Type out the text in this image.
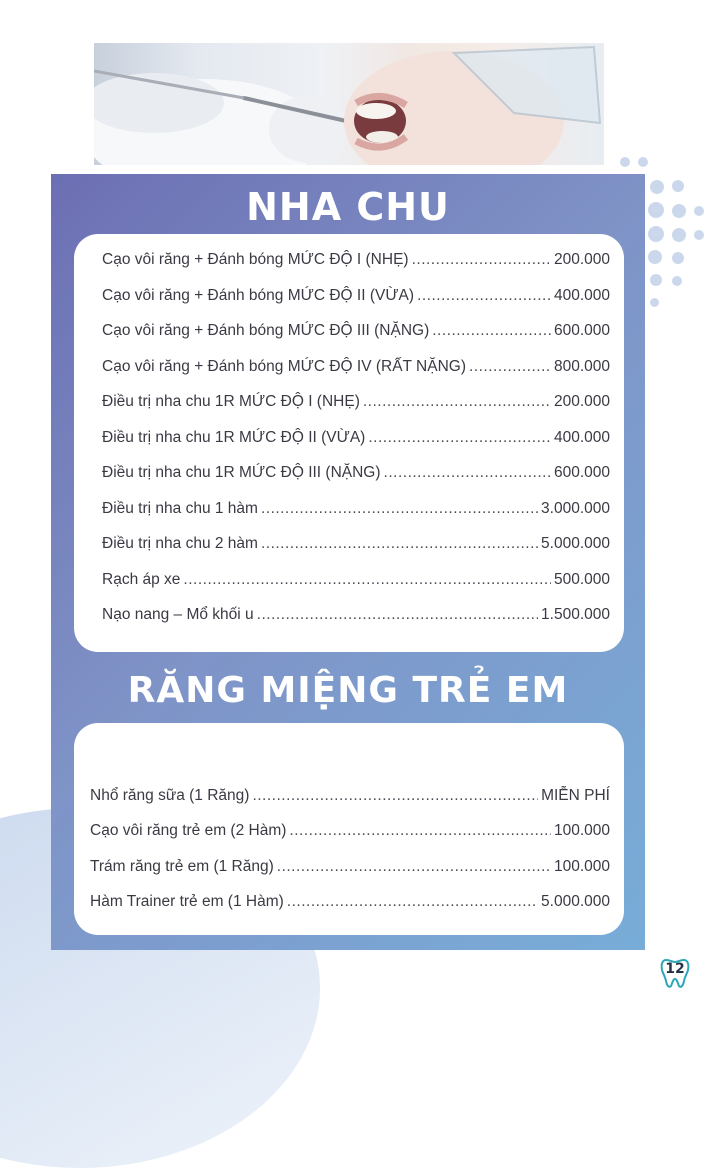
NHA CHU
Cạo vôi răng + Đánh bóng MỨC ĐỘ I (NHẸ) .....	200.000
Cạo vôi răng + Đánh bóng MỨC ĐỘ II (VỪA) .....	400.000
Cạo vôi răng + Đánh bóng MỨC ĐỘ III (NẶNG) .....	600.000
Cạo vôi răng + Đánh bóng MỨC ĐỘ IV (RẤT NẶNG) .....	800.000
Điều trị nha chu 1R MỨC ĐỘ I (NHẸ) .....	200.000
Điều trị nha chu 1R MỨC ĐỘ II (VỪA) .....	400.000
Điều trị nha chu 1R MỨC ĐỘ III (NẶNG) .....	600.000
Điều trị nha chu 1 hàm .....	3.000.000
Điều trị nha chu 2 hàm .....	5.000.000
Rạch áp xe .....	500.000
Nạo nang – Mổ khối u .....	1.500.000
RĂNG MIỆNG TRẺ EM
Nhổ răng sữa (1 Răng) .....	MIỄN PHÍ
Cạo vôi răng trẻ em (2 Hàm) .....	100.000
Trám răng trẻ em (1 Răng) .....	100.000
Hàm Trainer trẻ em (1 Hàm) .....	5.000.000
12
